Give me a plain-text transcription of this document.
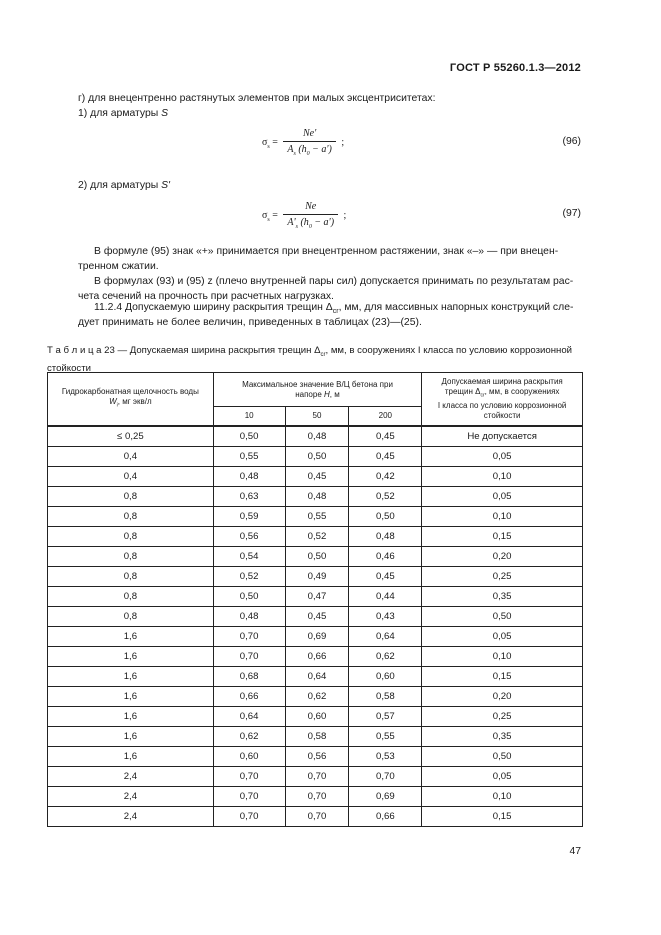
ГОСТ Р 55260.1.3—2012
г) для внецентренно растянутых элементов при малых эксцентриситетах:
1) для арматуры S
$\sigma_s = \frac{Ne'}{A_s (h_0 - a')}$ ;	(96)
2) для арматуры S'
$\sigma_s = \frac{Ne}{A'_s (h_0 - a')}$ ;	(97)
В формуле (95) знак «+» принимается при внецентренном растяжении, знак «–» — при внецен-
тренном сжатии.
В формулах (93) и (95) z (плечо внутренней пары сил) допускается принимать по результатам рас-
чета сечений на прочность при расчетных нагрузках.
11.2.4 Допускаемую ширину раскрытия трещин $\Delta_{cr}$, мм, для массивных напорных конструкций сле-
дует принимать не более величин, приведенных в таблицах (23)—(25).
Т а б л и ц а 23 — Допускаемая ширина раскрытия трещин $\Delta_{cr}$, мм, в сооружениях I класса по условию коррозионной
стойкости
Гидрокарбонатная щелочность воды
$W_i$, мг экв/л	Максимальное значение В/Ц бетона при
напоре H, м			Допускаемая ширина раскрытия
трещин $\Delta_{cr}$, мм, в сооружениях
I класса по условию коррозионной
стойкости
	10	50	200	
≤ 0,25	0,50	0,48	0,45	Не допускается
0,4	0,55	0,50	0,45	0,05
0,4	0,48	0,45	0,42	0,10
0,8	0,63	0,48	0,52	0,05
0,8	0,59	0,55	0,50	0,10
0,8	0,56	0,52	0,48	0,15
0,8	0,54	0,50	0,46	0,20
0,8	0,52	0,49	0,45	0,25
0,8	0,50	0,47	0,44	0,35
0,8	0,48	0,45	0,43	0,50
1,6	0,70	0,69	0,64	0,05
1,6	0,70	0,66	0,62	0,10
1,6	0,68	0,64	0,60	0,15
1,6	0,66	0,62	0,58	0,20
1,6	0,64	0,60	0,57	0,25
1,6	0,62	0,58	0,55	0,35
1,6	0,60	0,56	0,53	0,50
2,4	0,70	0,70	0,70	0,05
2,4	0,70	0,70	0,69	0,10
2,4	0,70	0,70	0,66	0,15
47
